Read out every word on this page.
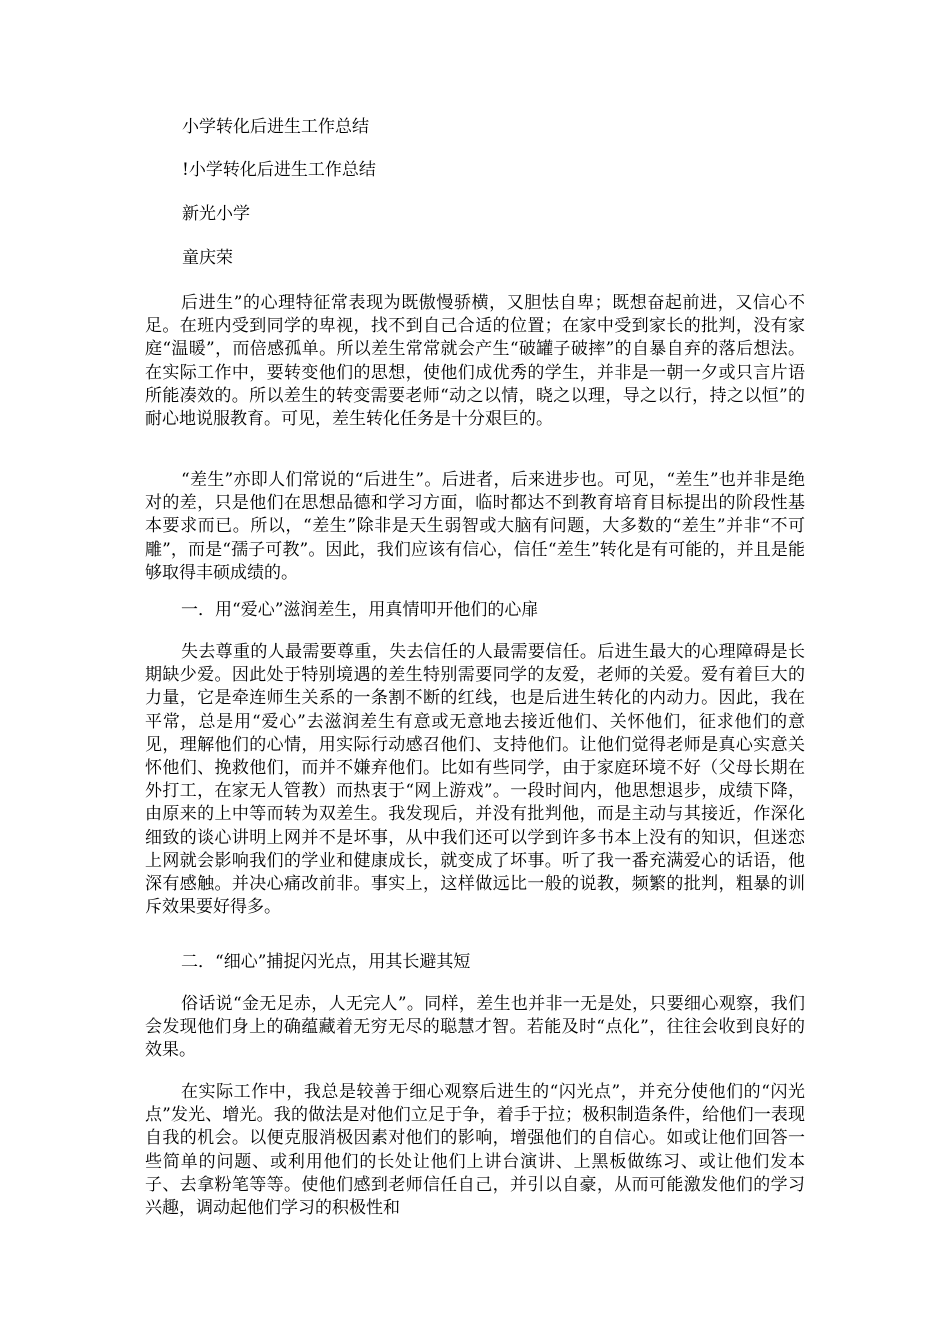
小学转化后进生工作总结
!小学转化后进生工作总结
新光小学
童庆荣

后进生”的心理特征常表现为既傲慢骄横，又胆怯自卑；既想奋起前进，又信心不足。在班内受到同学的卑视，找不到自己合适的位置；在家中受到家长的批判，没有家庭“温暖”，而倍感孤单。所以差生常常就会产生“破罐子破摔”的自暴自弃的落后想法。在实际工作中，要转变他们的思想，使他们成优秀的学生，并非是一朝一夕或只言片语所能凑效的。所以差生的转变需要老师“动之以情，晓之以理，导之以行，持之以恒”的耐心地说服教育。可见，差生转化任务是十分艰巨的。

“差生”亦即人们常说的“后进生”。后进者，后来进步也。可见，“差生”也并非是绝对的差，只是他们在思想品德和学习方面，临时都达不到教育培育目标提出的阶段性基本要求而已。所以，“差生”除非是天生弱智或大脑有问题，大多数的“差生”并非“不可雕”，而是“孺子可教”。因此，我们应该有信心，信任“差生”转化是有可能的，并且是能够取得丰硕成绩的。

一．用“爱心”滋润差生，用真情叩开他们的心扉

失去尊重的人最需要尊重，失去信任的人最需要信任。后进生最大的心理障碍是长期缺少爱。因此处于特别境遇的差生特别需要同学的友爱，老师的关爱。爱有着巨大的力量，它是牵连师生关系的一条割不断的红线，也是后进生转化的内动力。因此，我在平常，总是用“爱心”去滋润差生有意或无意地去接近他们、关怀他们，征求他们的意见，理解他们的心情，用实际行动感召他们、支持他们。让他们觉得老师是真心实意关怀他们、挽救他们，而并不嫌弃他们。比如有些同学，由于家庭环境不好（父母长期在外打工，在家无人管教）而热衷于“网上游戏”。一段时间内，他思想退步，成绩下降，由原来的上中等而转为双差生。我发现后，并没有批判他，而是主动与其接近，作深化细致的谈心讲明上网并不是坏事，从中我们还可以学到许多书本上没有的知识，但迷恋上网就会影响我们的学业和健康成长，就变成了坏事。听了我一番充满爱心的话语，他深有感触。并决心痛改前非。事实上，这样做远比一般的说教，频繁的批判，粗暴的训斥效果要好得多。

二．“细心”捕捉闪光点，用其长避其短

俗话说“金无足赤，人无完人”。同样，差生也并非一无是处，只要细心观察，我们会发现他们身上的确蕴藏着无穷无尽的聪慧才智。若能及时“点化”，往往会收到良好的效果。

在实际工作中，我总是较善于细心观察后进生的“闪光点”，并充分使他们的“闪光点”发光、增光。我的做法是对他们立足于争，着手于拉；极积制造条件，给他们一表现自我的机会。以便克服消极因素对他们的影响，增强他们的自信心。如或让他们回答一些简单的问题、或利用他们的长处让他们上讲台演讲、上黑板做练习、或让他们发本子、去拿粉笔等等。使他们感到老师信任自己，并引以自豪，从而可能激发他们的学习兴趣，调动起他们学习的积极性和
